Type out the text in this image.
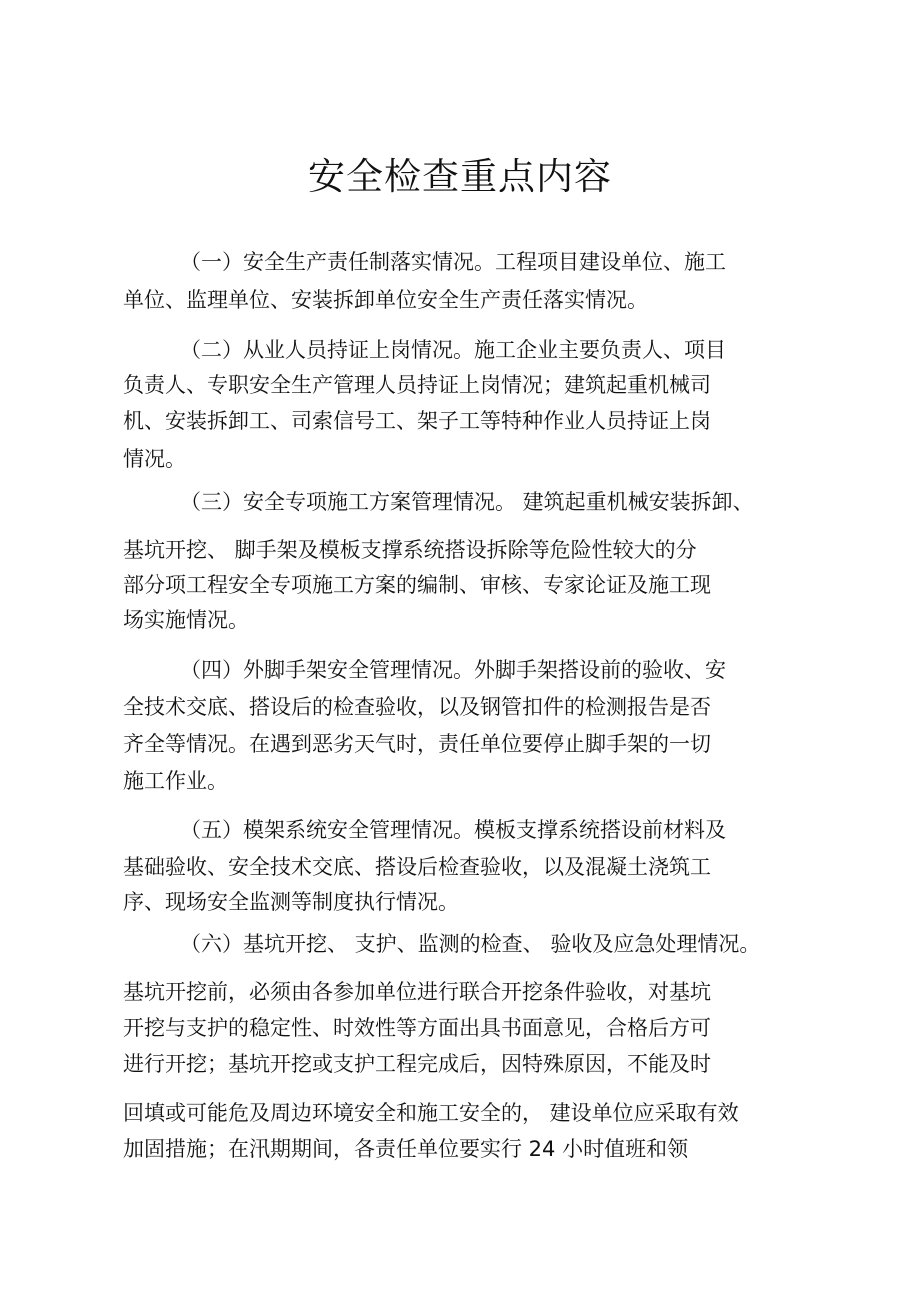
安全检查重点内容

（一）安全生产责任制落实情况。工程项目建设单位、施工

单位、监理单位、安装拆卸单位安全生产责任落实情况。

（二）从业人员持证上岗情况。施工企业主要负责人、项目

负责人、专职安全生产管理人员持证上岗情况；建筑起重机械司

机、安装拆卸工、司索信号工、架子工等特种作业人员持证上岗

情况。

（三）安全专项施工方案管理情况。 建筑起重机械安装拆卸、

基坑开挖、 脚手架及模板支撑系统搭设拆除等危险性较大的分

部分项工程安全专项施工方案的编制、审核、专家论证及施工现

场实施情况。

（四）外脚手架安全管理情况。外脚手架搭设前的验收、安

全技术交底、搭设后的检查验收，以及钢管扣件的检测报告是否

齐全等情况。在遇到恶劣天气时，责任单位要停止脚手架的一切

施工作业。

（五）模架系统安全管理情况。模板支撑系统搭设前材料及

基础验收、安全技术交底、搭设后检查验收，以及混凝土浇筑工

序、现场安全监测等制度执行情况。

（六）基坑开挖、 支护、监测的检查、 验收及应急处理情况。

基坑开挖前，必须由各参加单位进行联合开挖条件验收，对基坑

开挖与支护的稳定性、时效性等方面出具书面意见，合格后方可

进行开挖；基坑开挖或支护工程完成后，因特殊原因，不能及时

回填或可能危及周边环境安全和施工安全的， 建设单位应采取有效

加固措施；在汛期期间，各责任单位要实行 24 小时值班和领
